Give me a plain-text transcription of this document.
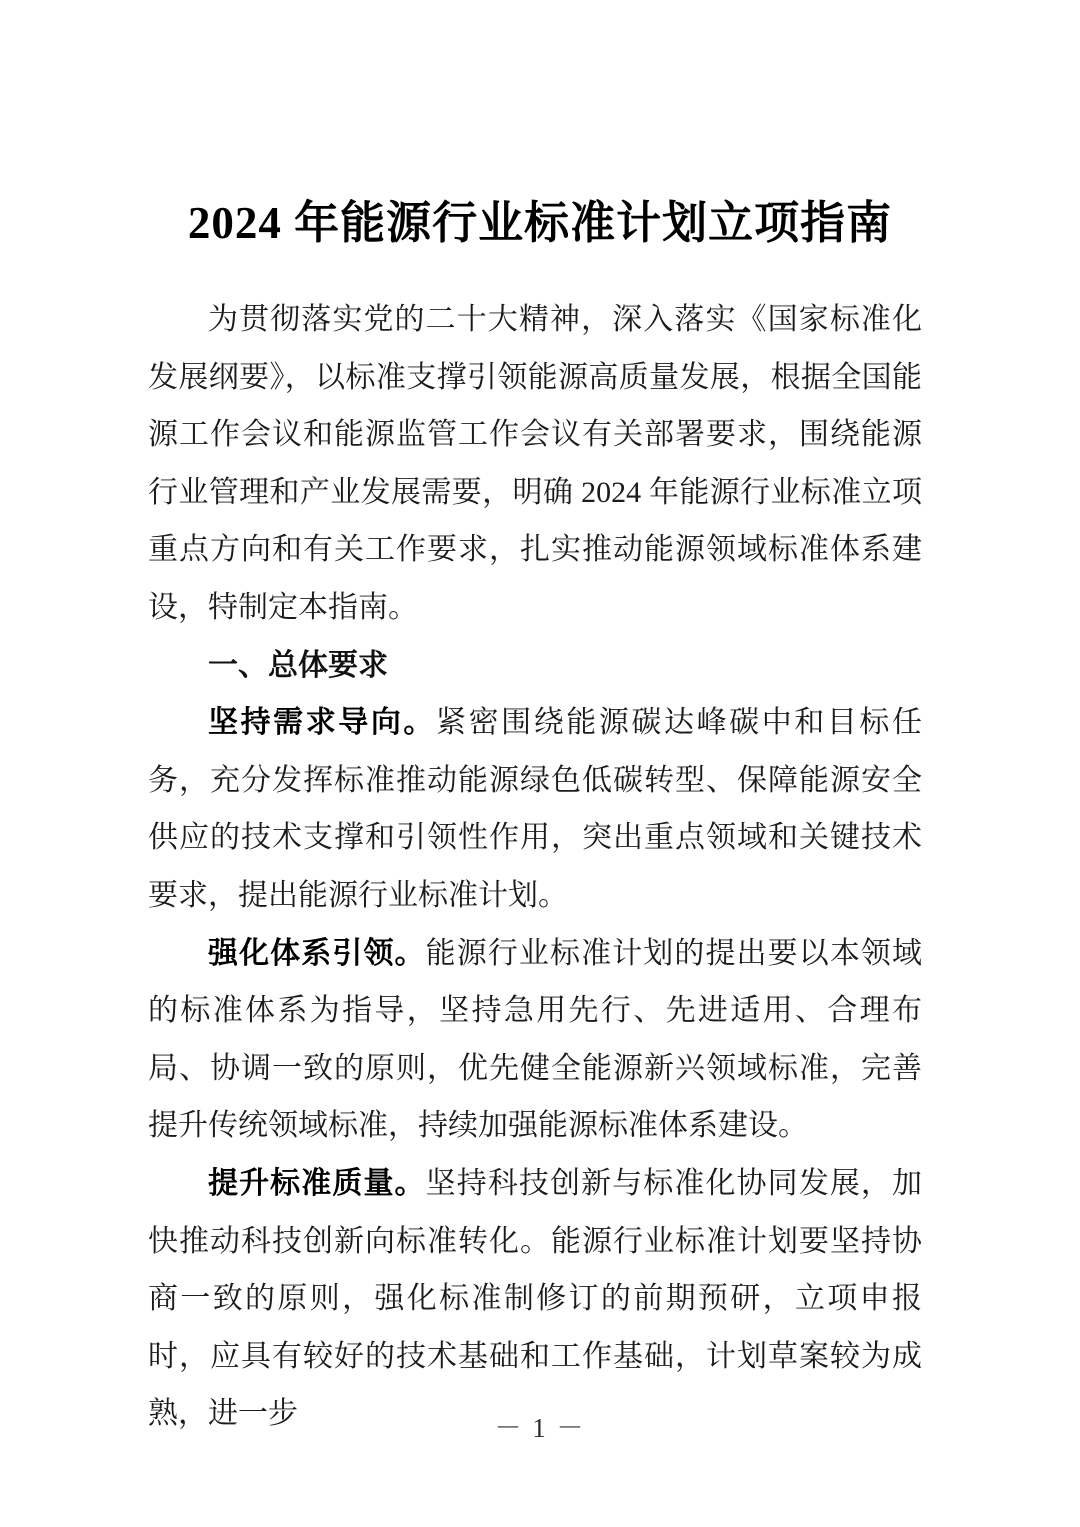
2024 年能源行业标准计划立项指南

为贯彻落实党的二十大精神，深入落实《国家标准化发展纲要》，以标准支撑引领能源高质量发展，根据全国能源工作会议和能源监管工作会议有关部署要求，围绕能源行业管理和产业发展需要，明确 2024 年能源行业标准立项重点方向和有关工作要求，扎实推动能源领域标准体系建设，特制定本指南。

一、总体要求

坚持需求导向。紧密围绕能源碳达峰碳中和目标任务，充分发挥标准推动能源绿色低碳转型、保障能源安全供应的技术支撑和引领性作用，突出重点领域和关键技术要求，提出能源行业标准计划。

强化体系引领。能源行业标准计划的提出要以本领域的标准体系为指导，坚持急用先行、先进适用、合理布局、协调一致的原则，优先健全能源新兴领域标准，完善提升传统领域标准，持续加强能源标准体系建设。

提升标准质量。坚持科技创新与标准化协同发展，加快推动科技创新向标准转化。能源行业标准计划要坚持协商一致的原则，强化标准制修订的前期预研，立项申报时，应具有较好的技术基础和工作基础，计划草案较为成熟，进一步	－ 1 －
